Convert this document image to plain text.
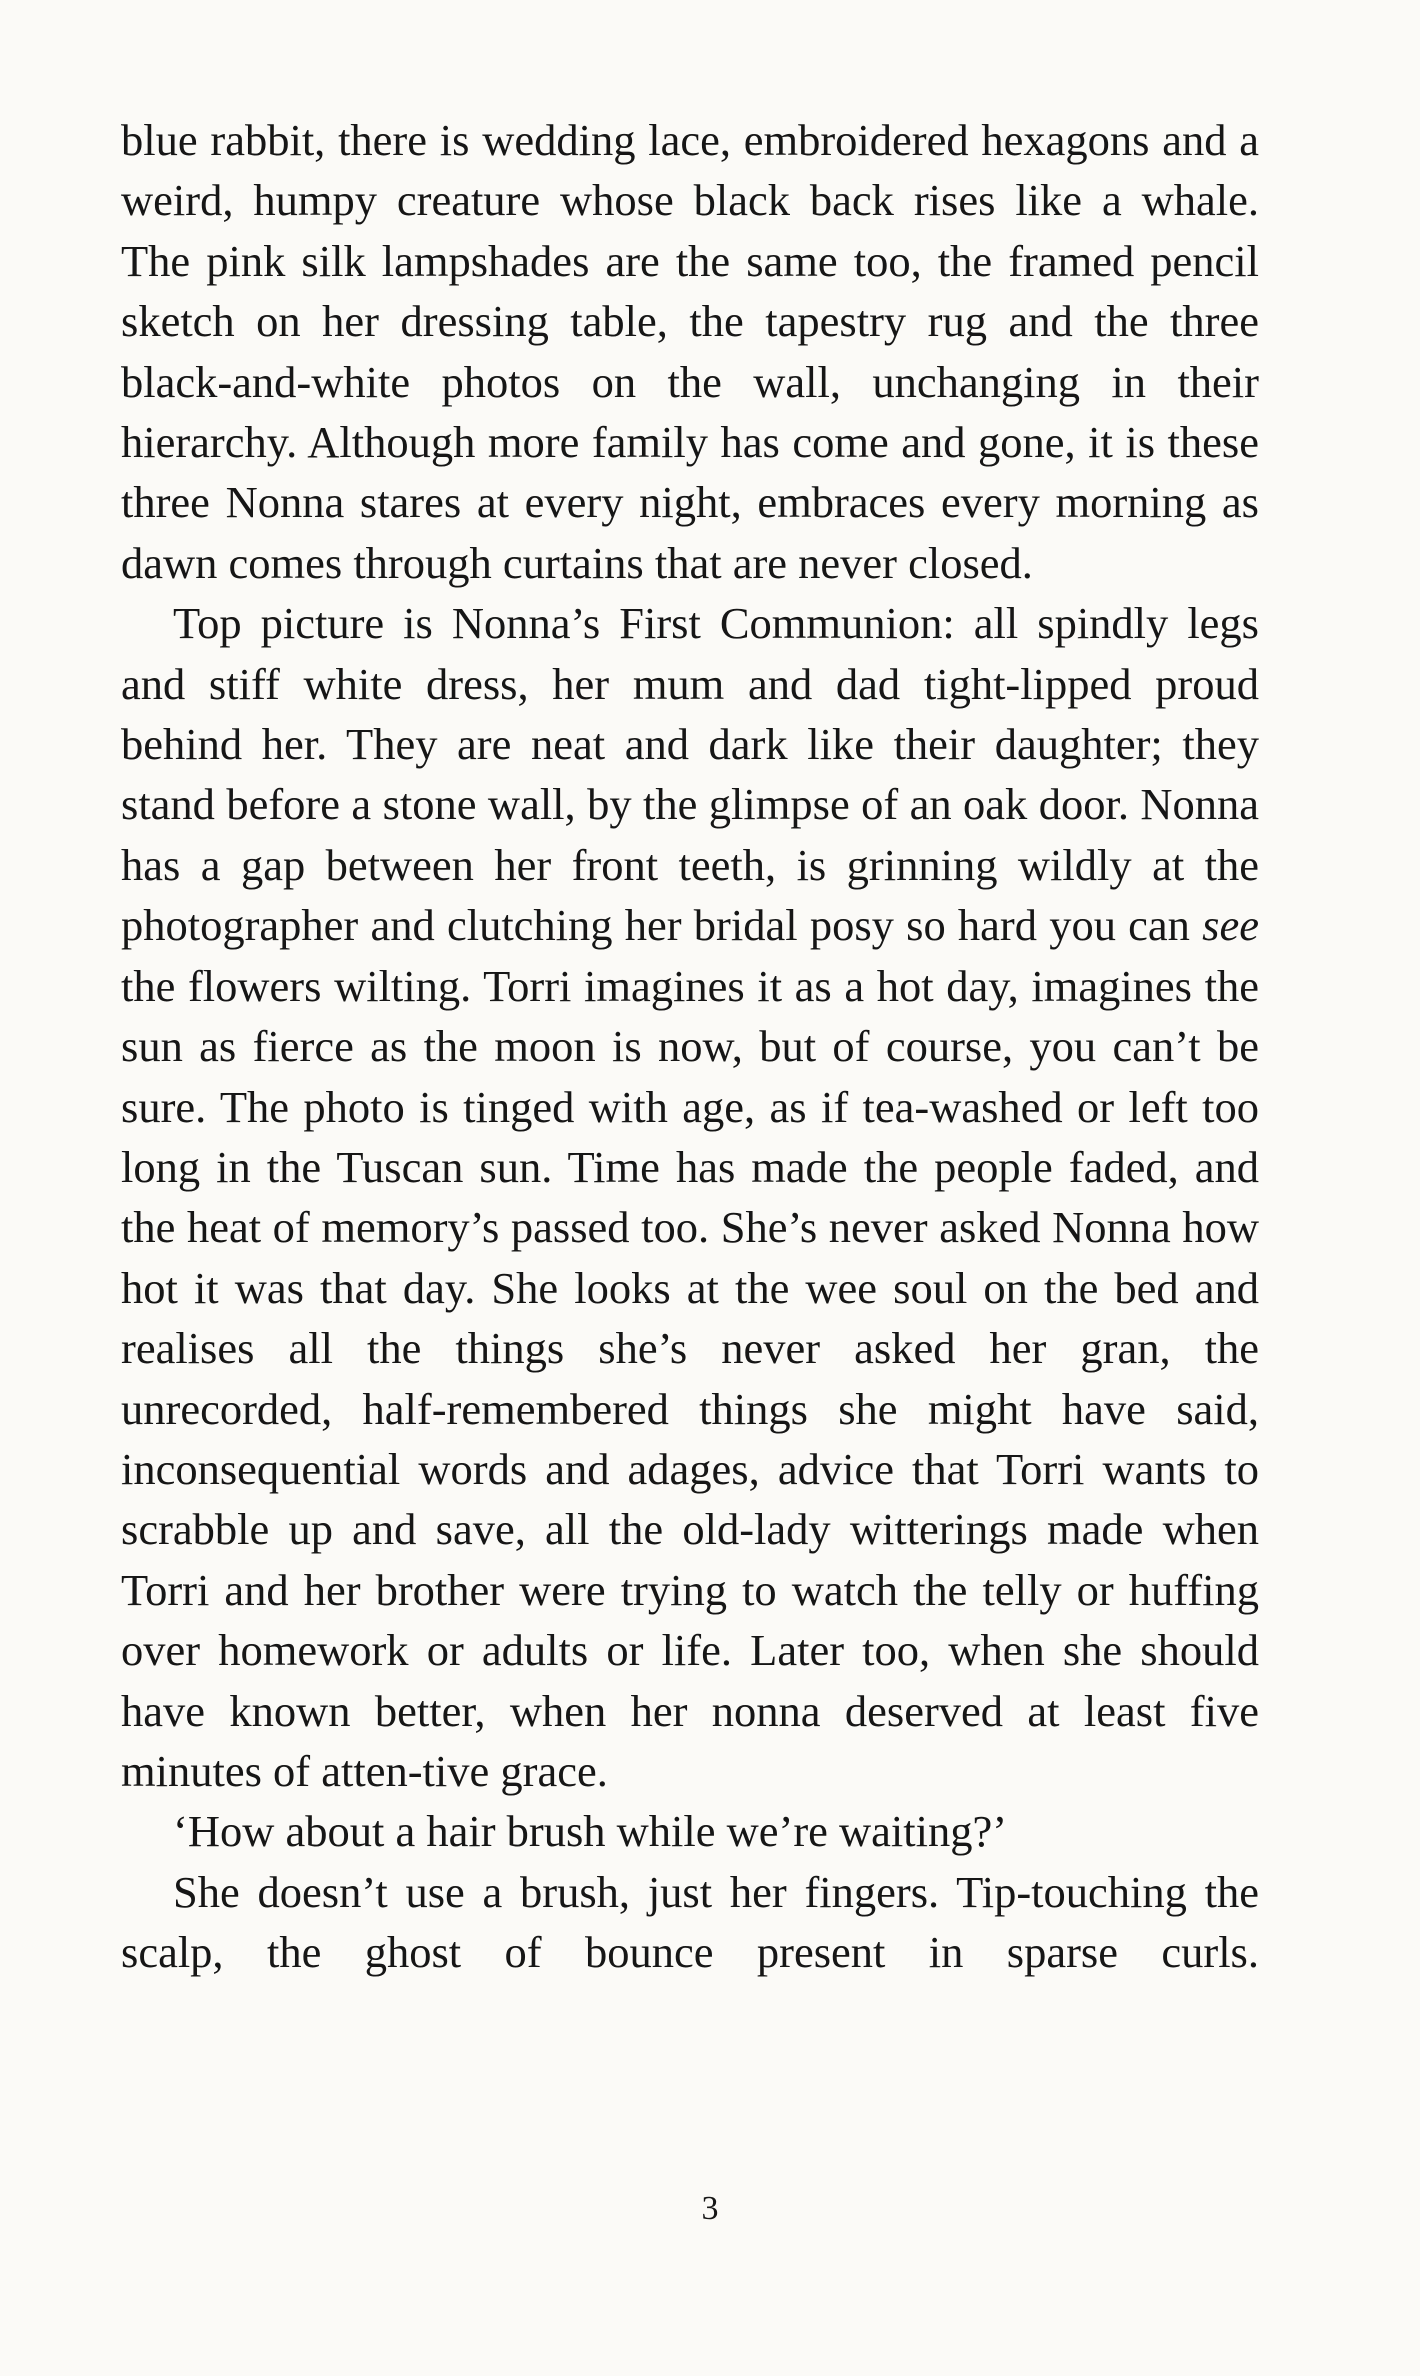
blue rabbit, there is wedding lace, embroidered hexagons and a weird, humpy creature whose black back rises like a whale. The pink silk lampshades are the same too, the framed pencil sketch on her dressing table, the tapestry rug and the three black-and-white photos on the wall, unchanging in their hierarchy. Although more family has come and gone, it is these three Nonna stares at every night, embraces every morning as dawn comes through curtains that are never closed.

Top picture is Nonna’s First Communion: all spindly legs and stiff white dress, her mum and dad tight-lipped proud behind her. They are neat and dark like their daughter; they stand before a stone wall, by the glimpse of an oak door. Nonna has a gap between her front teeth, is grinning wildly at the photographer and clutching her bridal posy so hard you can see the flowers wilting. Torri imagines it as a hot day, imagines the sun as fierce as the moon is now, but of course, you can’t be sure. The photo is tinged with age, as if tea-washed or left too long in the Tuscan sun. Time has made the people faded, and the heat of memory’s passed too. She’s never asked Nonna how hot it was that day. She looks at the wee soul on the bed and realises all the things she’s never asked her gran, the unrecorded, half-remembered things she might have said, inconsequential words and adages, advice that Torri wants to scrabble up and save, all the old-lady witterings made when Torri and her brother were trying to watch the telly or huffing over homework or adults or life. Later too, when she should have known better, when her nonna deserved at least five minutes of atten-tive grace.

‘How about a hair brush while we’re waiting?’

She doesn’t use a brush, just her fingers. Tip-touching the scalp, the ghost of bounce present in sparse curls.

3
